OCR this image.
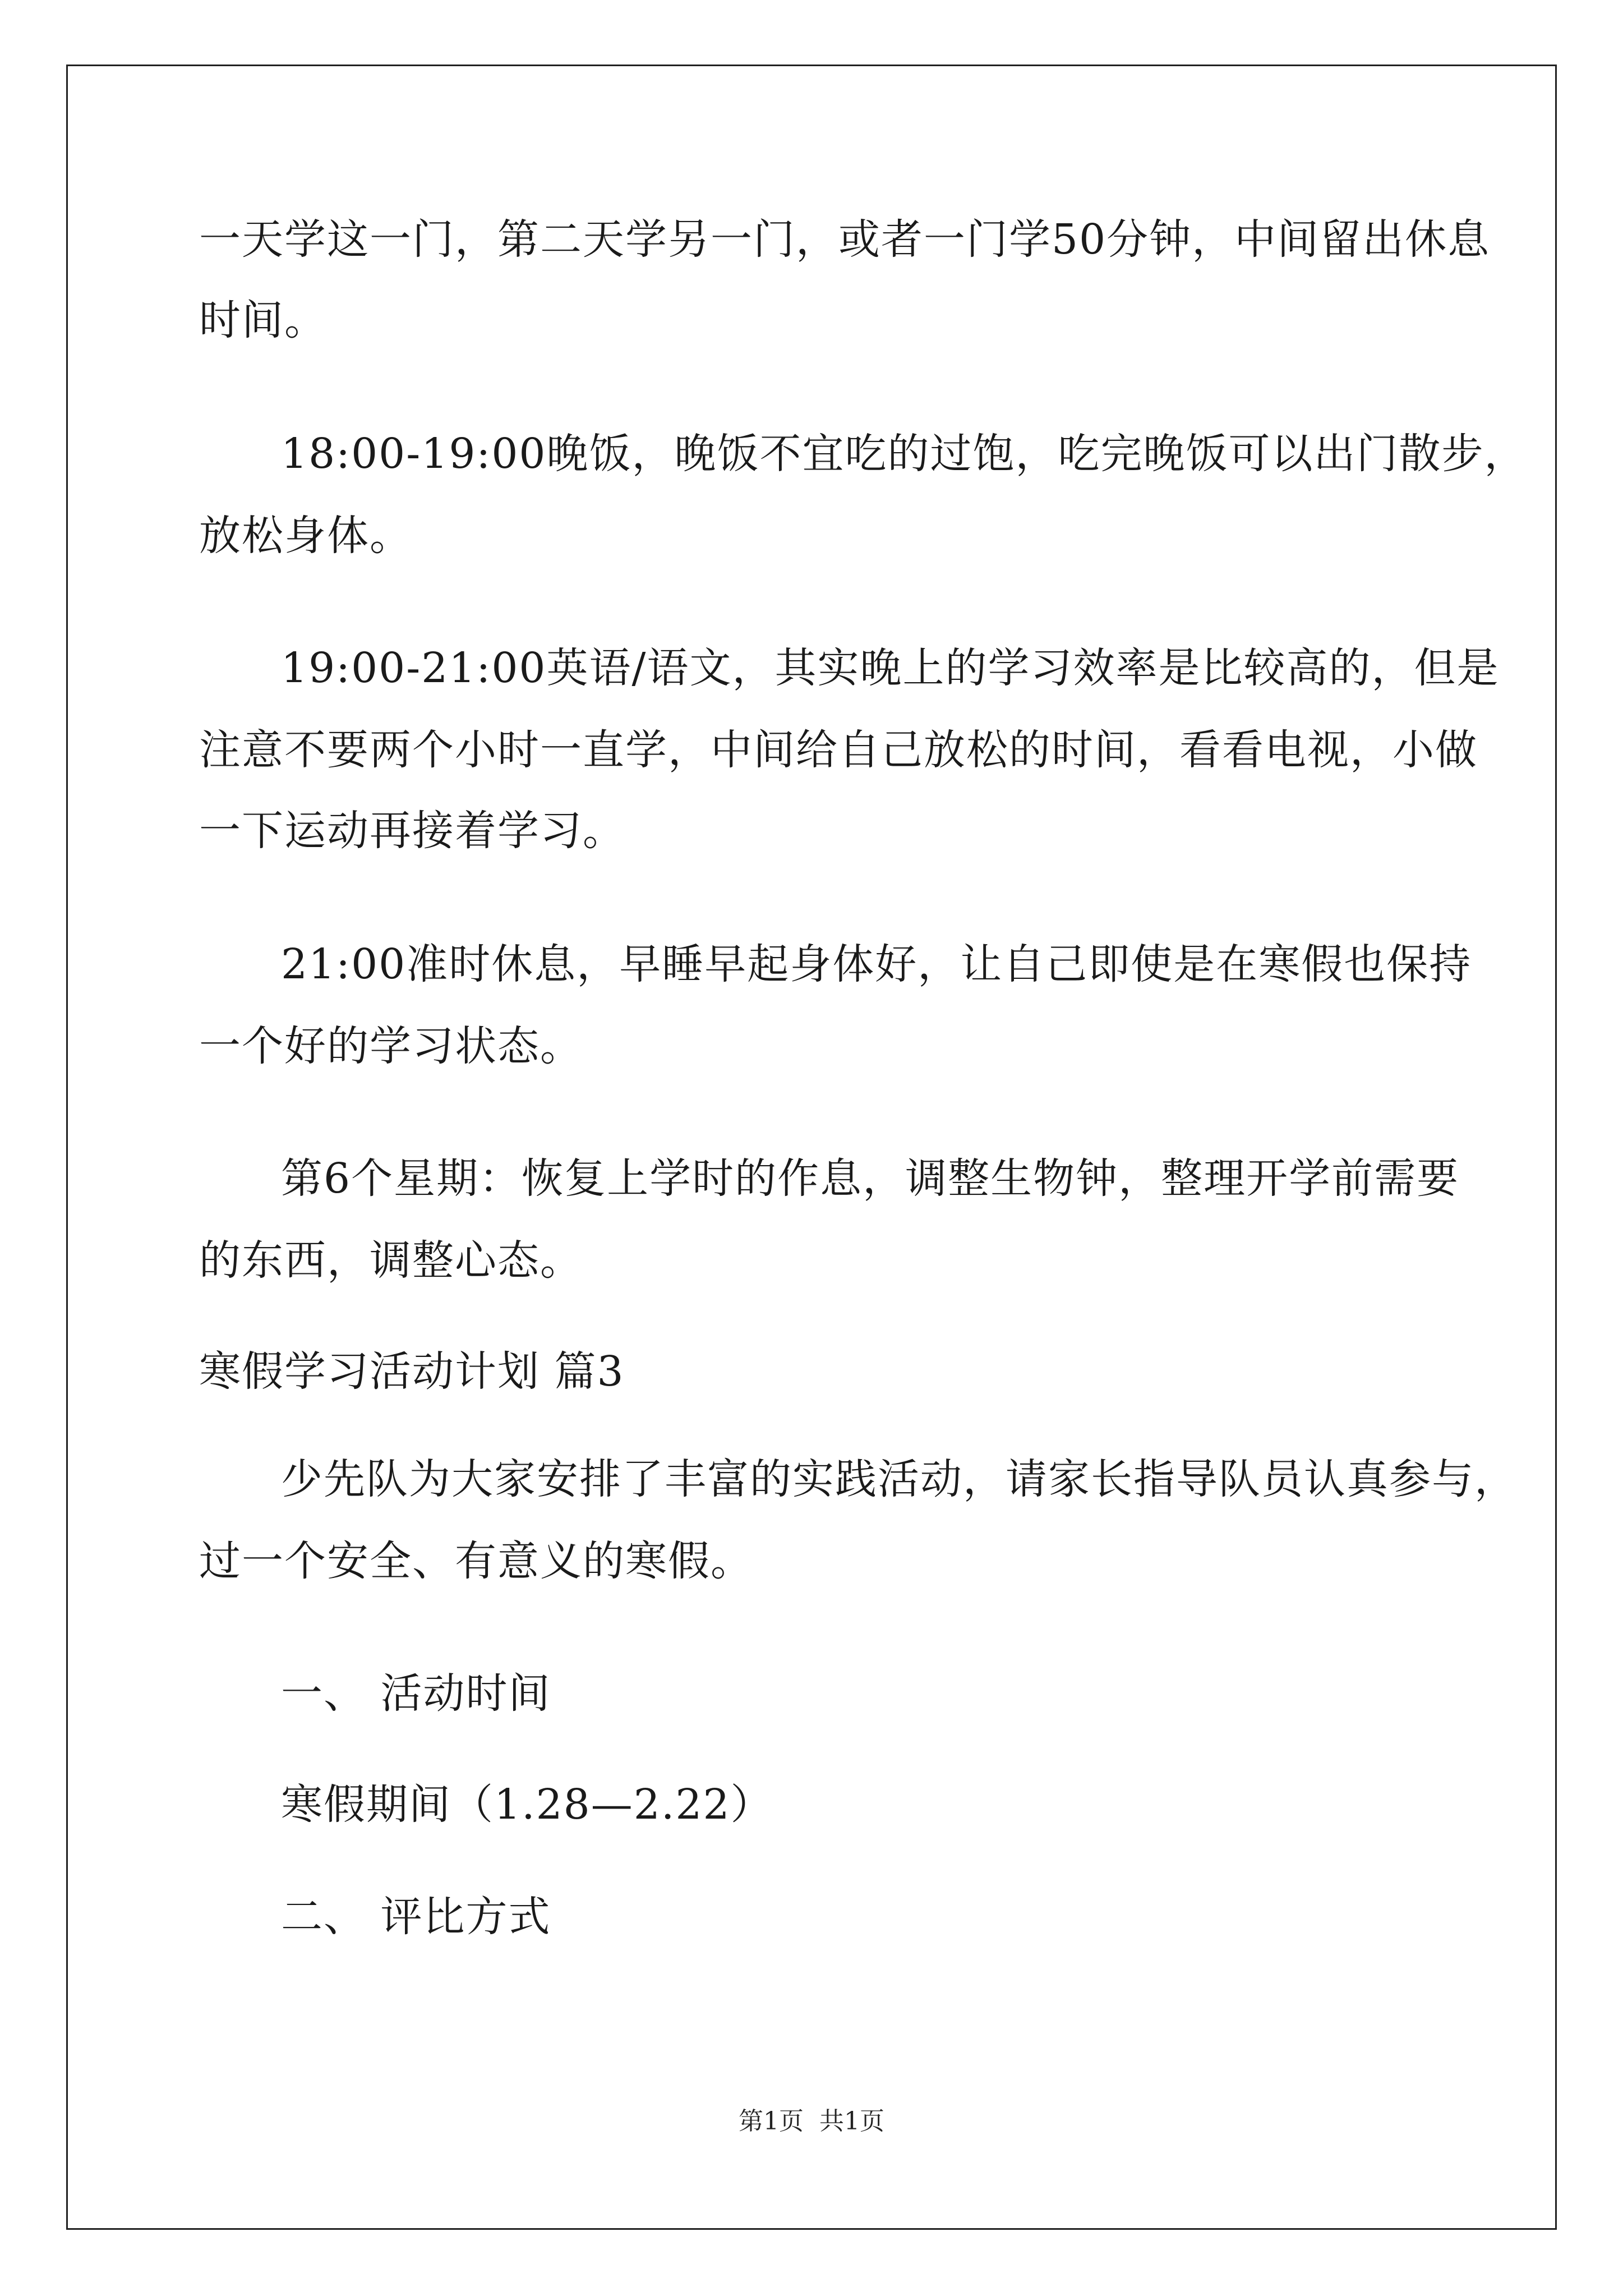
一天学这一门，第二天学另一门，或者一门学50分钟，中间留出休息
时间。
18:00-19:00晚饭，晚饭不宜吃的过饱，吃完晚饭可以出门散步，
放松身体。
19:00-21:00英语/语文，其实晚上的学习效率是比较高的，但是
注意不要两个小时一直学，中间给自己放松的时间，看看电视，小做
一下运动再接着学习。
21:00准时休息，早睡早起身体好，让自己即使是在寒假也保持
一个好的学习状态。
第6个星期：恢复上学时的作息，调整生物钟，整理开学前需要
的东西，调整心态。
寒假学习活动计划 篇3
少先队为大家安排了丰富的实践活动，请家长指导队员认真参与，
过一个安全、有意义的寒假。
一、 活动时间
寒假期间（1.28—2.22）
二、 评比方式
第1页 共1页
